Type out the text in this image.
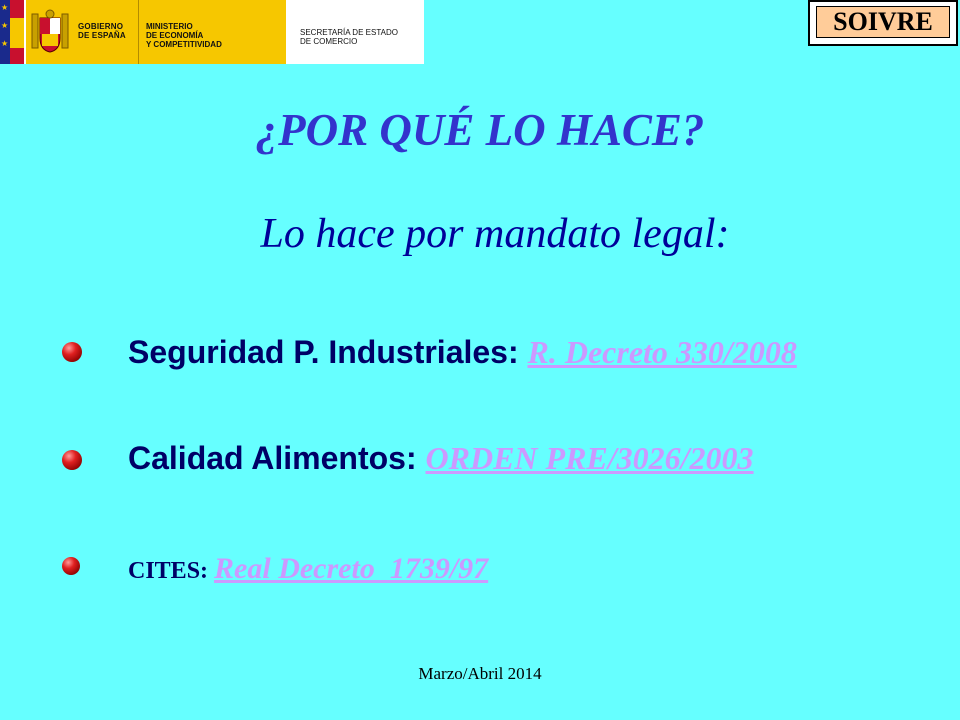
★
★
★
GOBIERNO
DE ESPAÑA
MINISTERIO
DE ECONOMÍA
Y COMPETITIVIDAD
SECRETARÍA DE ESTADO
DE COMERCIO
SOIVRE
¿POR QUÉ LO HACE?
Lo hace por mandato legal:
Seguridad P. Industriales: R. Decreto 330/2008
Calidad Alimentos: ORDEN PRE/3026/2003
CITES: Real Decreto  1739/97
Marzo/Abril 2014
